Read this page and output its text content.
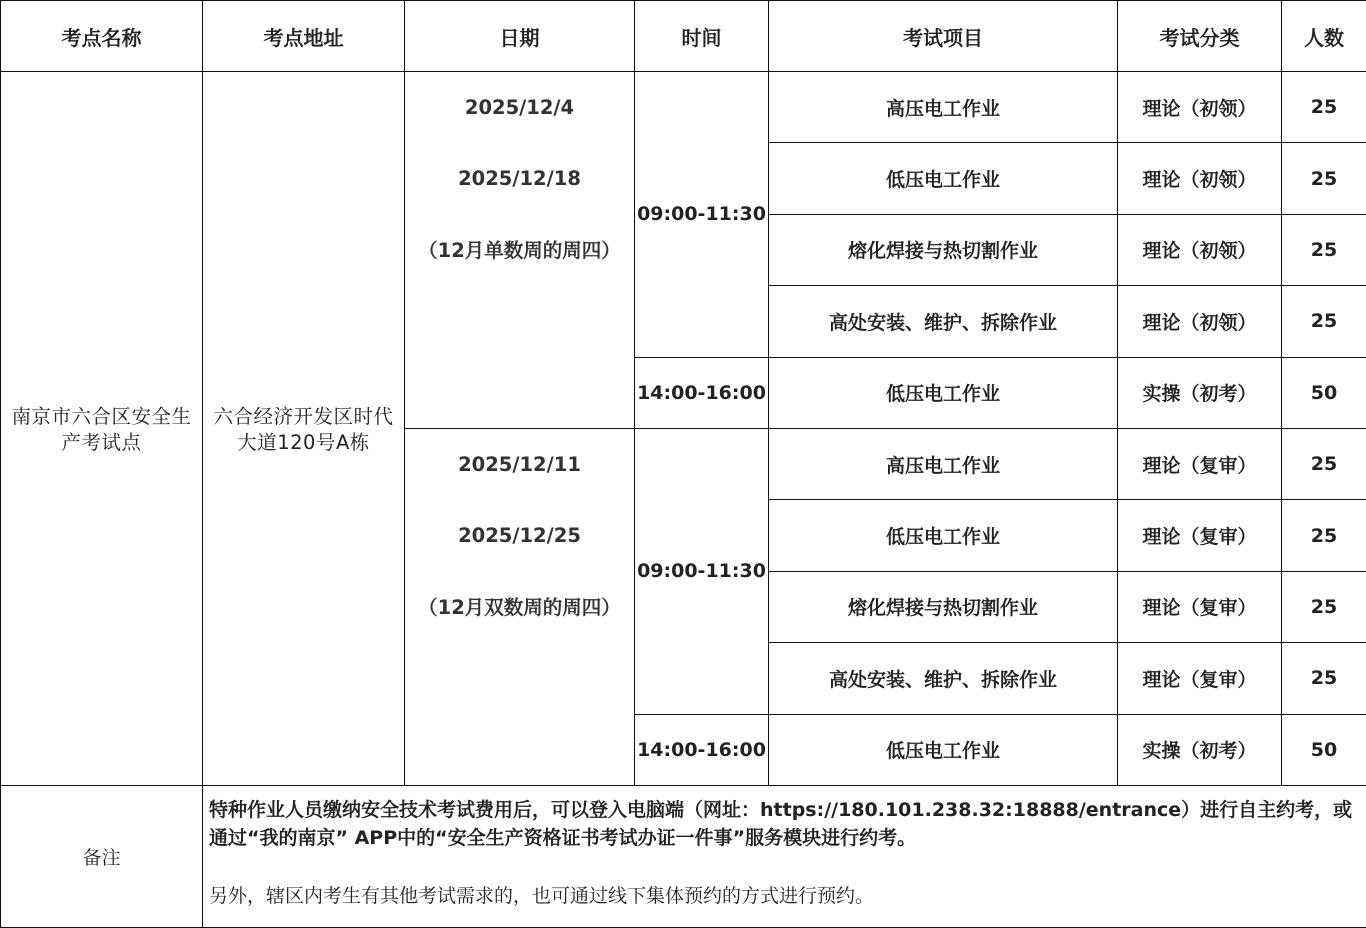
考点名称	考点地址	日期	时间	考试项目	考试分类	人数

南京市六合区安全生产考试点	六合经济开发区时代大道120号A栋	2025/12/4
2025/12/18
（12月单数周的周四）	09:00-11:30	高压电工作业	理论（初领）	25
				低压电工作业	理论（初领）	25
				熔化焊接与热切割作业	理论（初领）	25
				高处安装、维护、拆除作业	理论（初领）	25
			14:00-16:00	低压电工作业	实操（初考）	50

		2025/12/11
2025/12/25
（12月双数周的周四）	09:00-11:30	高压电工作业	理论（复审）	25
				低压电工作业	理论（复审）	25
				熔化焊接与热切割作业	理论（复审）	25
				高处安装、维护、拆除作业	理论（复审）	25
			14:00-16:00	低压电工作业	实操（初考）	50
备注	特种作业人员缴纳安全技术考试费用后，可以登入电脑端（网址：https://180.101.238.32:18888/entrance）进行自主约考，或通过“我的南京” APP中的“安全生产资格证书考试办证一件事”服务模块进行约考。

另外，辖区内考生有其他考试需求的，也可通过线下集体预约的方式进行预约。					
